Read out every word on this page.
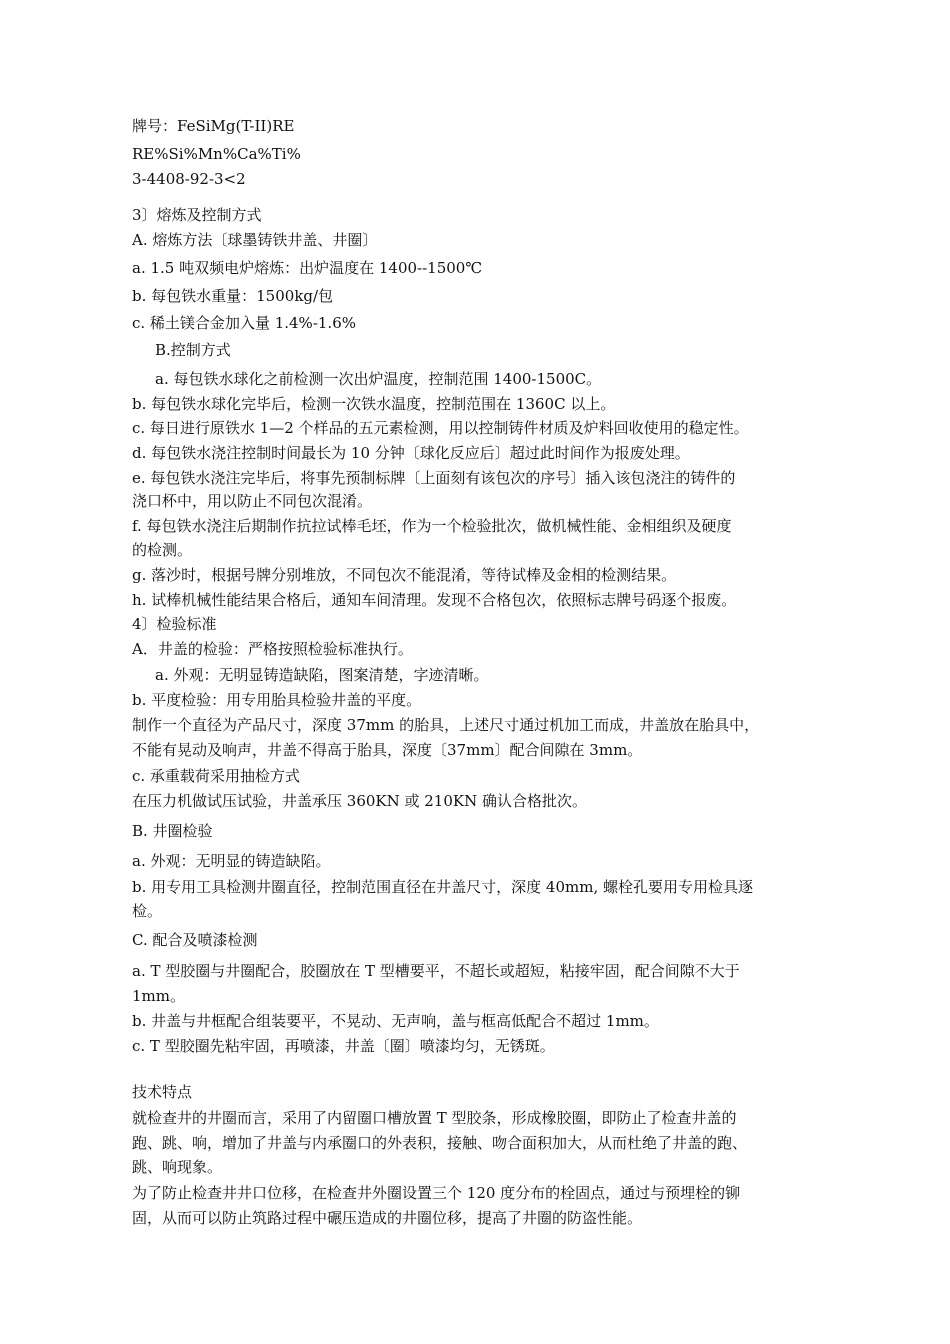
牌号：FeSiMg(T-II)RE
RE%Si%Mn%Ca%Ti%
3-4408-92-3<2
3〕熔炼及控制方式
A. 熔炼方法〔球墨铸铁井盖、井圈〕
a. 1.5 吨双频电炉熔炼：出炉温度在 1400--1500℃
b. 每包铁水重量：1500kg/包
c. 稀土镁合金加入量 1.4%-1.6%
B.控制方式
a. 每包铁水球化之前检测一次出炉温度，控制范围 1400-1500C。
b. 每包铁水球化完毕后，检测一次铁水温度，控制范围在 1360C 以上。
c. 每日进行原铁水 1—2 个样品的五元素检测，用以控制铸件材质及炉料回收使用的稳定性。
d. 每包铁水浇注控制时间最长为 10 分钟〔球化反应后〕超过此时间作为报废处理。
e. 每包铁水浇注完毕后，将事先预制标牌〔上面刻有该包次的序号〕插入该包浇注的铸件的
浇口杯中，用以防止不同包次混淆。
f. 每包铁水浇注后期制作抗拉试棒毛坯，作为一个检验批次，做机械性能、金相组织及硬度
的检测。
g. 落沙时，根据号牌分别堆放，不同包次不能混淆，等待试棒及金相的检测结果。
h. 试棒机械性能结果合格后，通知车间清理。发现不合格包次，依照标志牌号码逐个报废。
4〕检验标准
A．井盖的检验：严格按照检验标准执行。
a. 外观：无明显铸造缺陷，图案清楚，字迹清晰。
b. 平度检验：用专用胎具检验井盖的平度。
制作一个直径为产品尺寸，深度 37mm 的胎具，上述尺寸通过机加工而成，井盖放在胎具中，
不能有晃动及响声，井盖不得高于胎具，深度〔37mm〕配合间隙在 3mm。
c. 承重载荷采用抽检方式
在压力机做试压试验，井盖承压 360KN 或 210KN 确认合格批次。
B. 井圈检验
a. 外观：无明显的铸造缺陷。
b. 用专用工具检测井圈直径，控制范围直径在井盖尺寸，深度 40mm, 螺栓孔要用专用检具逐
检。
C. 配合及喷漆检测
a. T 型胶圈与井圈配合，胶圈放在 T 型槽要平，不超长或超短，粘接牢固，配合间隙不大于
1mm。
b. 井盖与井框配合组装要平，不晃动、无声响，盖与框高低配合不超过 1mm。
c. T 型胶圈先粘牢固，再喷漆，井盖〔圈〕喷漆均匀，无锈斑。
技术特点
就检查井的井圈而言，采用了内留圈口槽放置 T 型胶条，形成橡胶圈，即防止了检查井盖的
跑、跳、响，增加了井盖与内承圈口的外表积，接触、吻合面积加大，从而杜绝了井盖的跑、
跳、响现象。
为了防止检查井井口位移，在检查井外圈设置三个 120 度分布的栓固点，通过与预埋栓的铆
固，从而可以防止筑路过程中碾压造成的井圈位移，提高了井圈的防盗性能。
